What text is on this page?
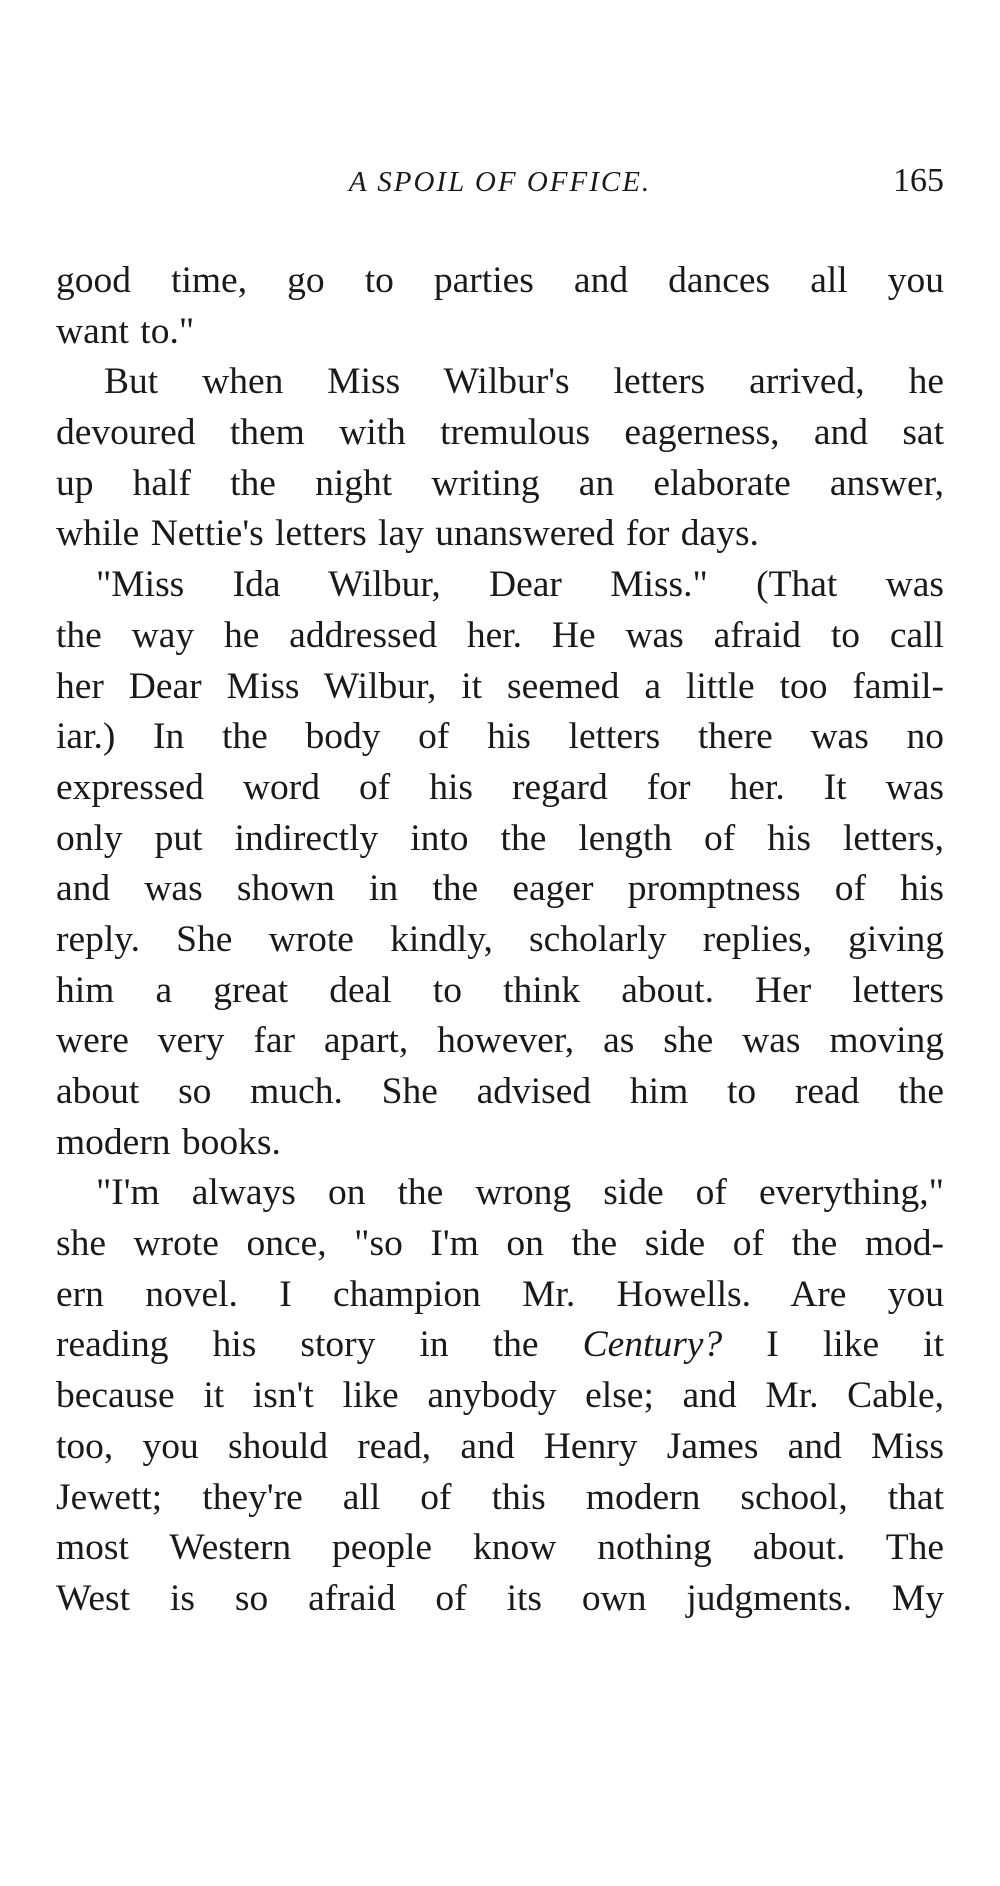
A SPOIL OF OFFICE.	165
good time, go to parties and dances all you
want to."
But when Miss Wilbur's letters arrived, he
devoured them with tremulous eagerness, and sat
up half the night writing an elaborate answer,
while Nettie's letters lay unanswered for days.
"Miss Ida Wilbur, Dear Miss." (That was
the way he addressed her. He was afraid to call
her Dear Miss Wilbur, it seemed a little too famil-
iar.) In the body of his letters there was no
expressed word of his regard for her. It was
only put indirectly into the length of his letters,
and was shown in the eager promptness of his
reply. She wrote kindly, scholarly replies, giving
him a great deal to think about. Her letters
were very far apart, however, as she was moving
about so much. She advised him to read the
modern books.
"I'm always on the wrong side of everything,"
she wrote once, "so I'm on the side of the mod-
ern novel. I champion Mr. Howells. Are you
reading his story in the Century? I like it
because it isn't like anybody else; and Mr. Cable,
too, you should read, and Henry James and Miss
Jewett; they're all of this modern school, that
most Western people know nothing about. The
West is so afraid of its own judgments. My
